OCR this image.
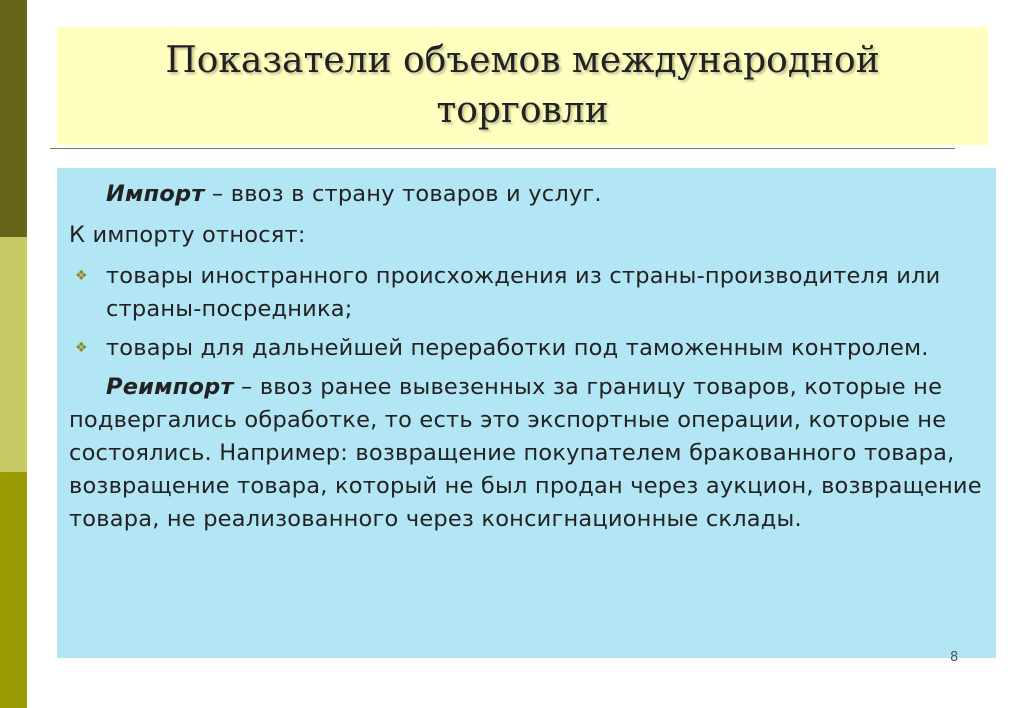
Показатели объемов международной
торговли

Импорт – ввоз в страну товаров и услуг.

К импорту относят:

❖ товары иностранного происхождения из страны-производителя или страны-посредника;
❖ товары для дальнейшей переработки под таможенным контролем.

Реимпорт – ввоз ранее вывезенных за границу товаров, которые не подвергались обработке, то есть это экспортные операции, которые не состоялись. Например: возвращение покупателем бракованного товара, возвращение товара, который не был продан через аукцион, возвращение товара, не реализованного через консигнационные склады.

8
